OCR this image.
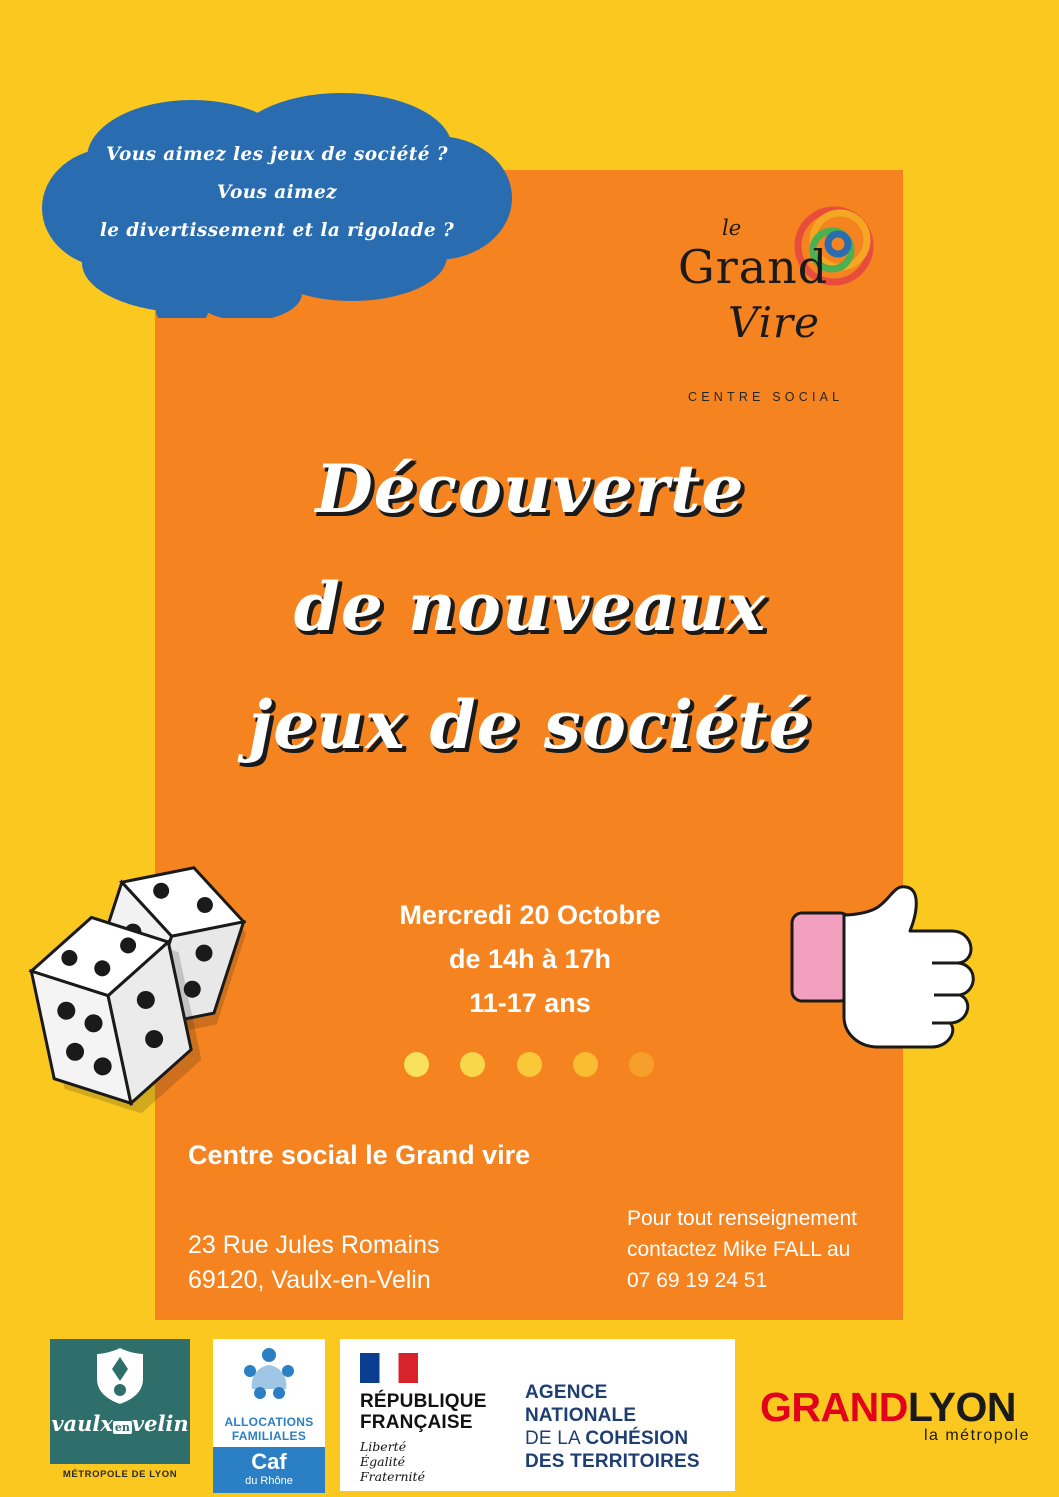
Vous aimez les jeux de société ?
Vous aimez
le divertissement et la rigolade ?	le
Grand
Vire
CENTRE SOCIAL
Découverte
de nouveaux
jeux de société
Mercredi 20 Octobre
de 14h à 17h
11-17 ans
Centre social le Grand vire
23 Rue Jules Romains
69120, Vaulx-en-Velin
Pour tout renseignement
contactez Mike FALL au
07 69 19 24 51
vaulx envelin
MÉTROPOLE DE LYON
ALLOCATIONS
FAMILIALES
Caf
du Rhône
RÉPUBLIQUE
FRANÇAISE
Liberté
Égalité
Fraternité
AGENCE
NATIONALE
DE LA COHÉSION
DES TERRITOIRES
GRANDLYON
la métropole
